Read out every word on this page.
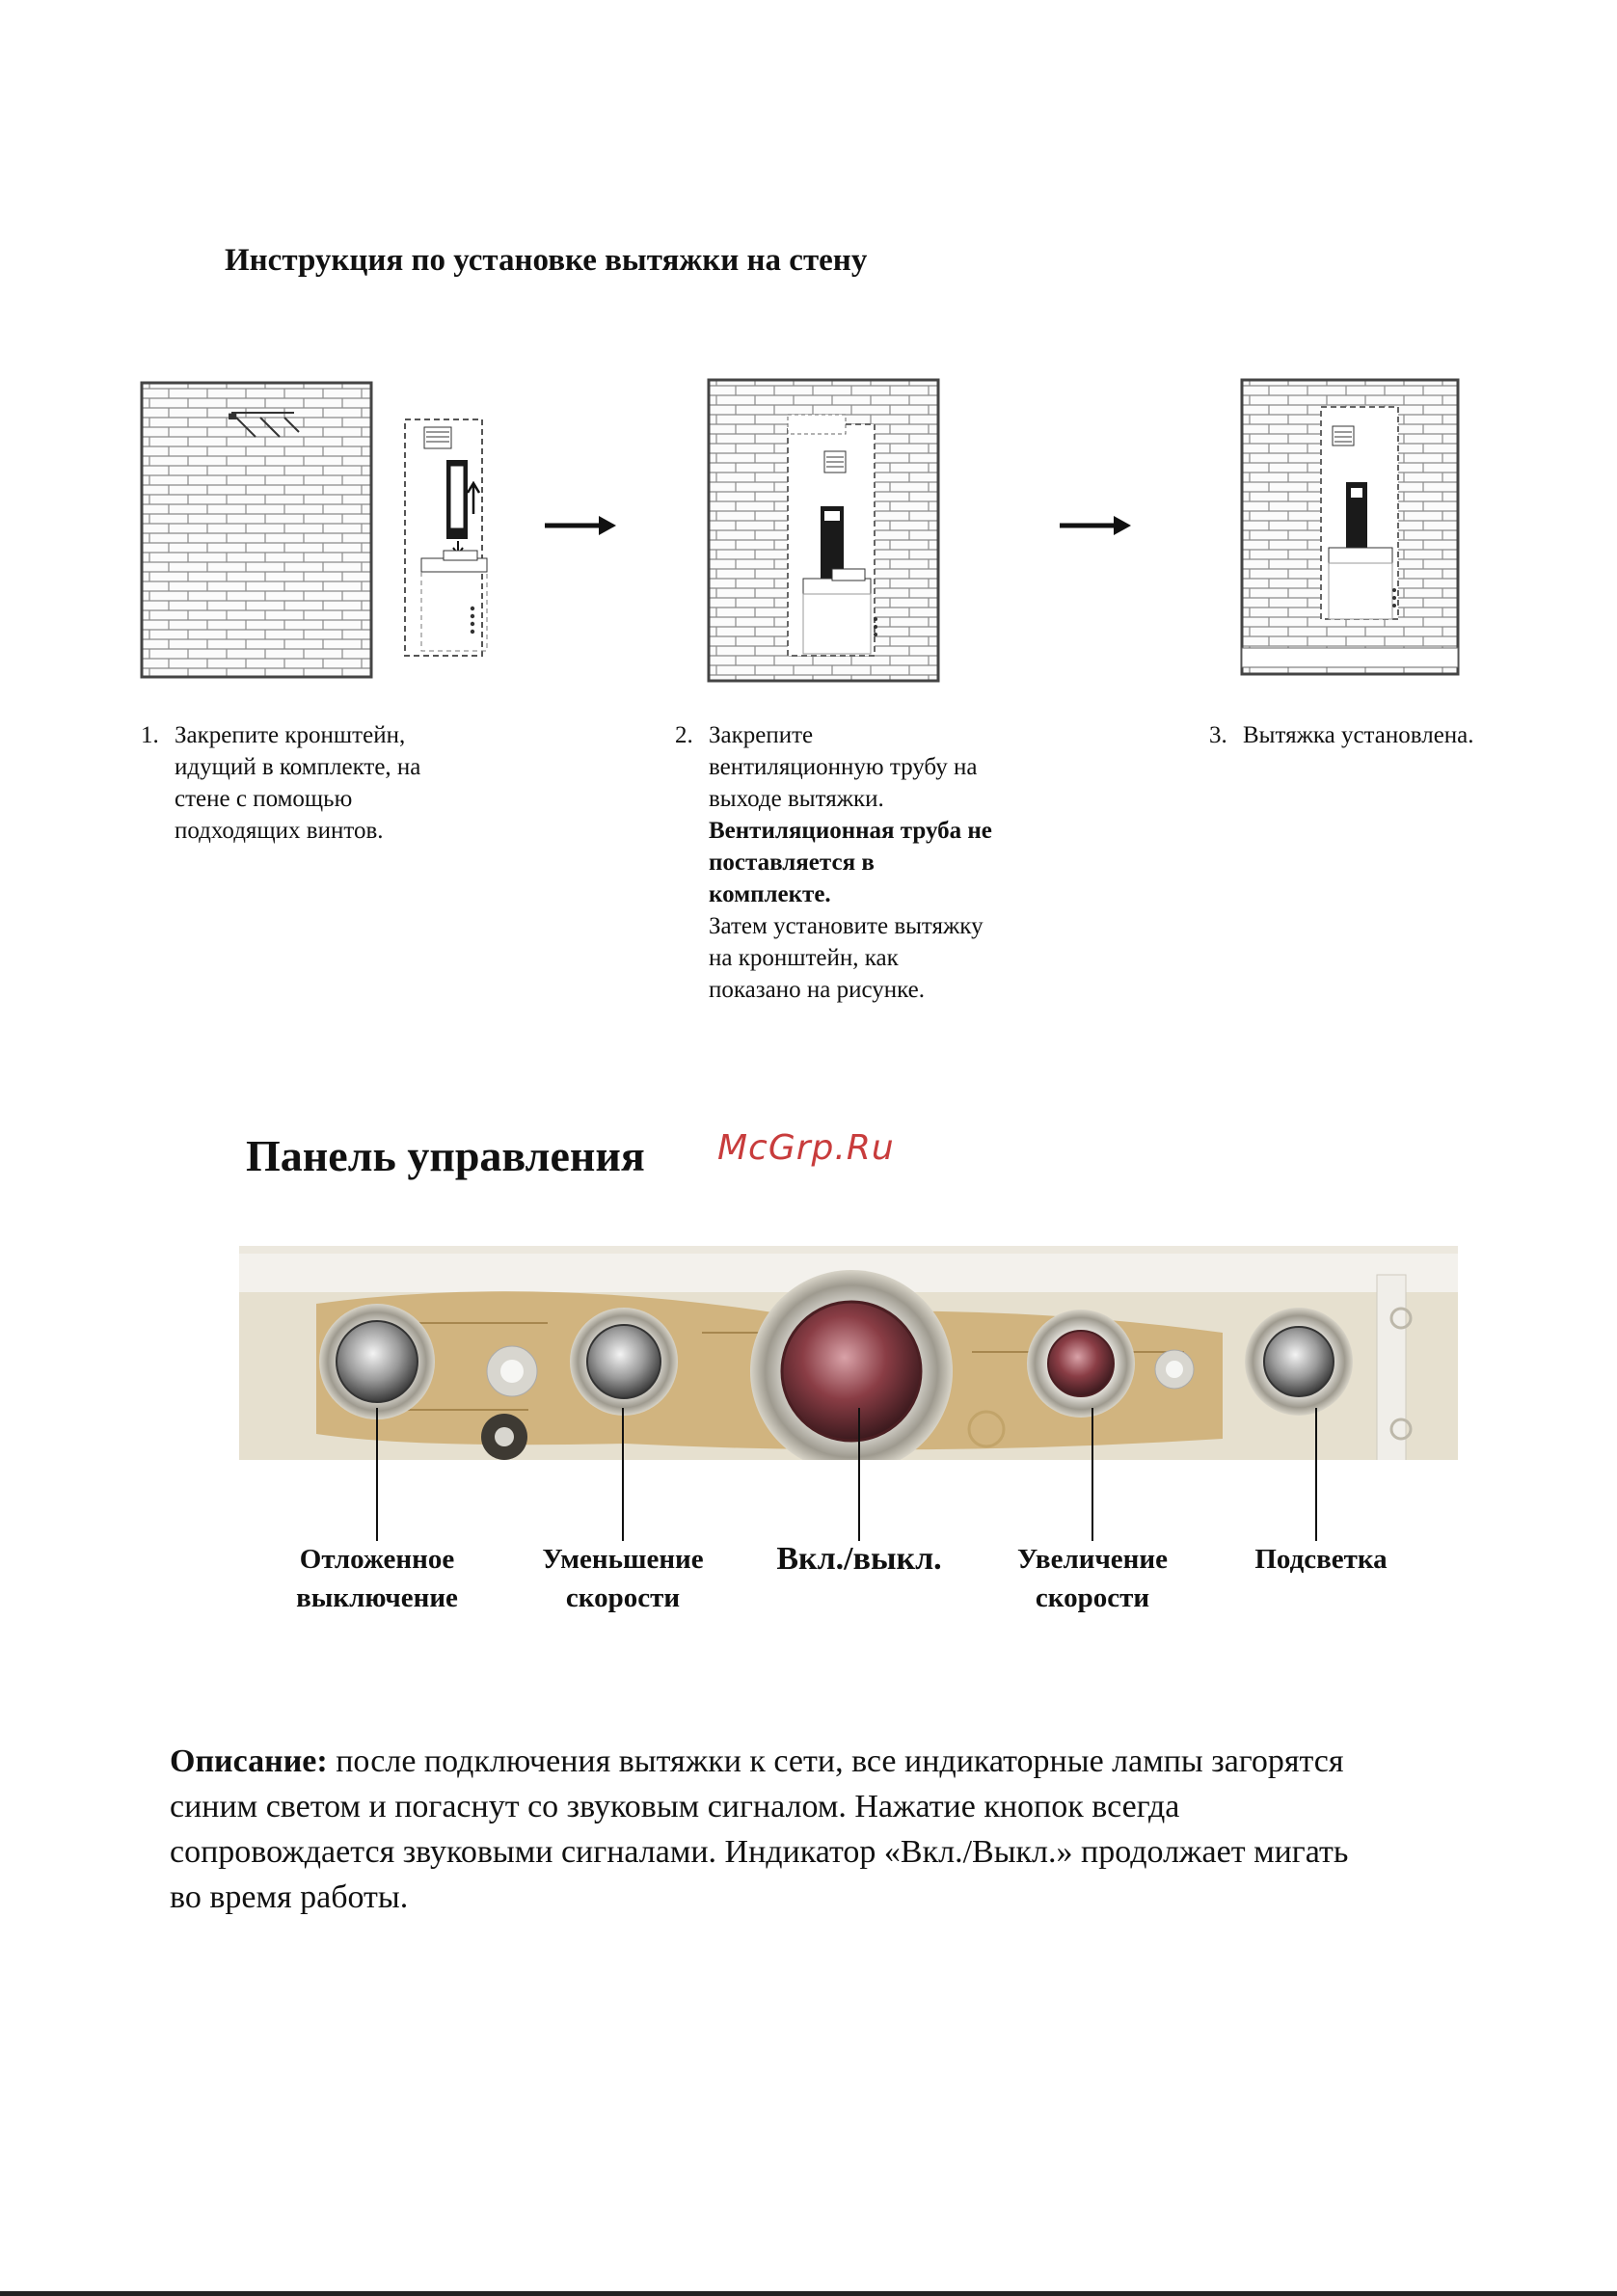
Инструкция по установке вытяжки на стену
≡
1. Закрепите кронштейн,
идущий в комплекте, на
стене с помощью
подходящих винтов.
2. Закрепите
вентиляционную трубу на
выходе вытяжки.
Вентиляционная труба не
поставляется в
комплекте.
Затем установите вытяжку
на кронштейн, как
показано на рисунке.
3. Вытяжка установлена.
Панель управления McGrp.Ru
Отложенное
выключение
Уменьшение
скорости
Вкл./выкл.	Увеличение
скорости
Подсветка
Описание: после подключения вытяжки к сети, все индикаторные лампы загорятся
синим светом и погаснут со звуковым сигналом. Нажатие кнопок всегда
сопровождается звуковыми сигналами. Индикатор «Вкл./Выкл.» продолжает мигать
во время работы.
